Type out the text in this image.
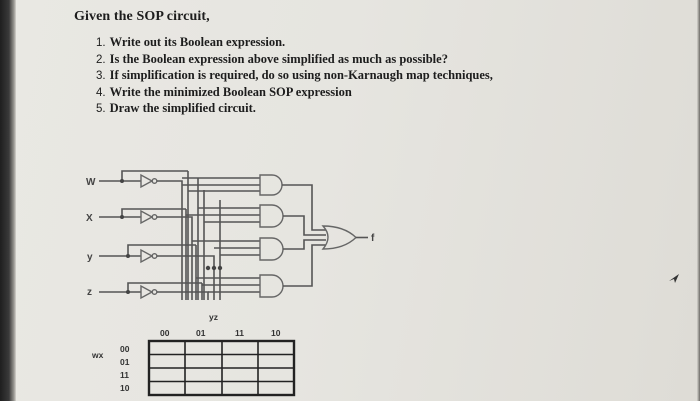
Given the SOP circuit,
1. Write out its Boolean expression.
2. Is the Boolean expression above simplified as much as possible?
3. If simplification is required, do so using non-Karnaugh map techniques,
4. Write the minimized Boolean SOP expression
5. Draw the simplified circuit.
W
X
y
z
f
yz
00	01	11	10
wx
00
01
11
10
